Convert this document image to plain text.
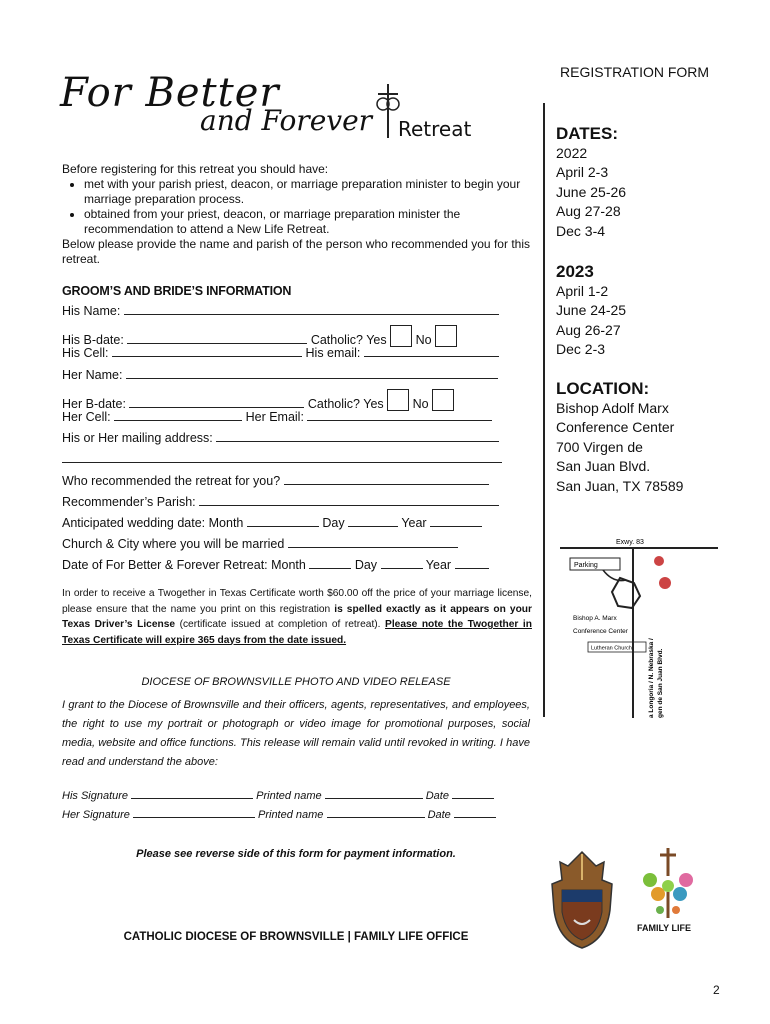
For Better
and Forever Retreat
REGISTRATION FORM
Before registering for this retreat you should have:
• met with your parish priest, deacon, or marriage preparation minister to begin your marriage preparation process.
• obtained from your priest, deacon, or marriage preparation minister the recommendation to attend a New Life Retreat.
Below please provide the name and parish of the person who recommended you for this retreat.
GROOM’S AND BRIDE’S INFORMATION
His Name:
His B-date:	Catholic? Yes No
His Cell:	His email:
Her Name:
Her B-date:	Catholic? Yes No
Her Cell:	Her Email:
His or Her mailing address:
Who recommended the retreat for you?
Recommender’s Parish:
Anticipated wedding date: Month	Day	Year
Church & City where you will be married
Date of For Better & Forever Retreat: Month	Day	Year
In order to receive a Twogether in Texas Certificate worth $60.00 off the price of your marriage license, please ensure that the name you print on this registration is spelled exactly as it appears on your Texas Driver’s License (certificate issued at completion of retreat). Please note the Twogether in Texas Certificate will expire 365 days from the date issued.
DIOCESE OF BROWNSVILLE PHOTO AND VIDEO RELEASE
I grant to the Diocese of Brownsville and their officers, agents, representatives, and employees, the right to use my portrait or photograph or video image for promotional purposes, social media, website and office functions. This release will remain valid until revoked in writing. I have read and understand the above:
His Signature	Printed name	Date
Her Signature	Printed name	Date
Please see reverse side of this form for payment information.
CATHOLIC DIOCESE OF BROWNSVILLE | FAMILY LIFE OFFICE
2
DATES:
2022
April 2-3
June 25-26
Aug 27-28
Dec 3-4
2023
April 1-2
June 24-25
Aug 26-27
Dec 2-3
LOCATION:
Bishop Adolf Marx
Conference Center
700 Virgen de
San Juan Blvd.
San Juan, TX 78589
Exwy. 83
Parking
Bishop A. Marx
Conference Center
Lutheran Church a Longoria / N. Nebraska / gen de San Juan Blvd.
FAMILY LIFE
